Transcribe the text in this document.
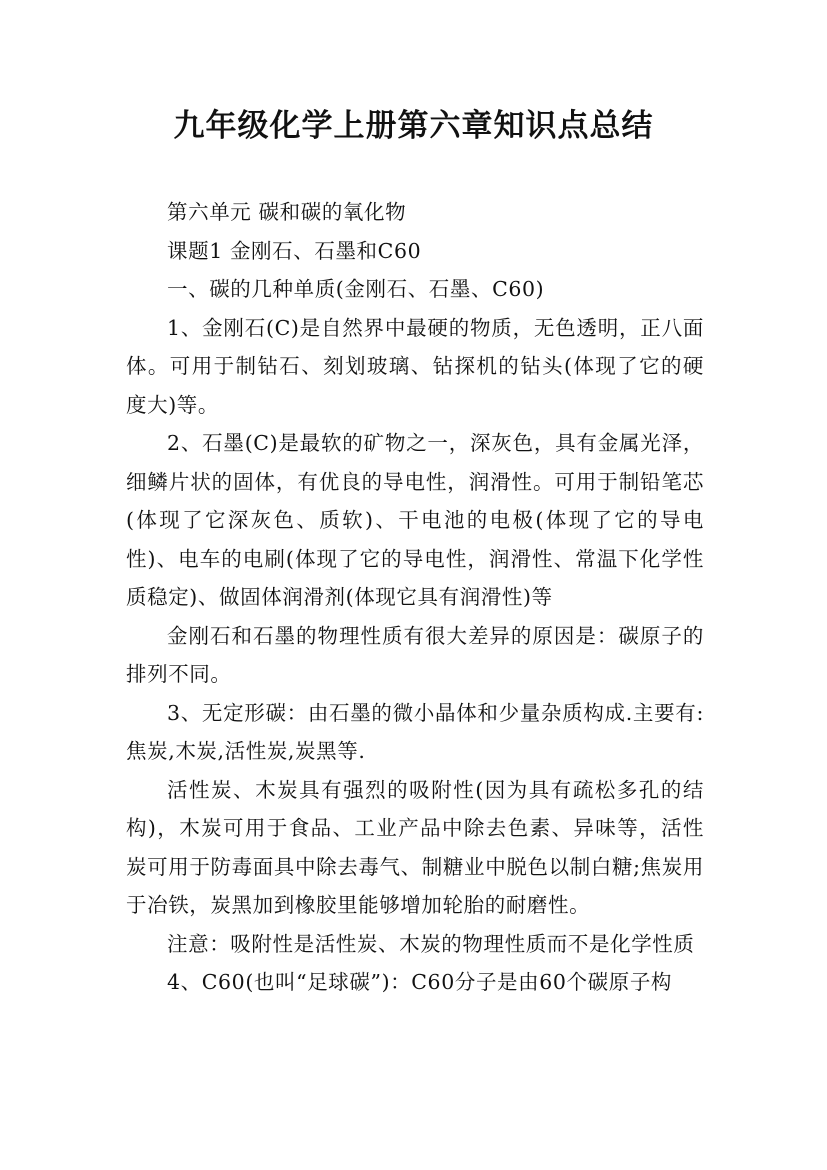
九年级化学上册第六章知识点总结

第六单元 碳和碳的氧化物

课题1 金刚石、石墨和C60

一、碳的几种单质(金刚石、石墨、C60)

1、金刚石(C)是自然界中最硬的物质，无色透明，正八面体。可用于制钻石、刻划玻璃、钻探机的钻头(体现了它的硬度大)等。

2、石墨(C)是最软的矿物之一，深灰色，具有金属光泽，细鳞片状的固体，有优良的导电性，润滑性。可用于制铅笔芯(体现了它深灰色、质软)、干电池的电极(体现了它的导电性)、电车的电刷(体现了它的导电性，润滑性、常温下化学性质稳定)、做固体润滑剂(体现它具有润滑性)等

金刚石和石墨的物理性质有很大差异的原因是：碳原子的排列不同。

3、无定形碳：由石墨的微小晶体和少量杂质构成.主要有:焦炭,木炭,活性炭,炭黑等.

活性炭、木炭具有强烈的吸附性(因为具有疏松多孔的结构)，木炭可用于食品、工业产品中除去色素、异味等，活性炭可用于防毒面具中除去毒气、制糖业中脱色以制白糖;焦炭用于冶铁，炭黑加到橡胶里能够增加轮胎的耐磨性。

注意：吸附性是活性炭、木炭的物理性质而不是化学性质

4、C60(也叫“足球碳”)：C60分子是由60个碳原子构
